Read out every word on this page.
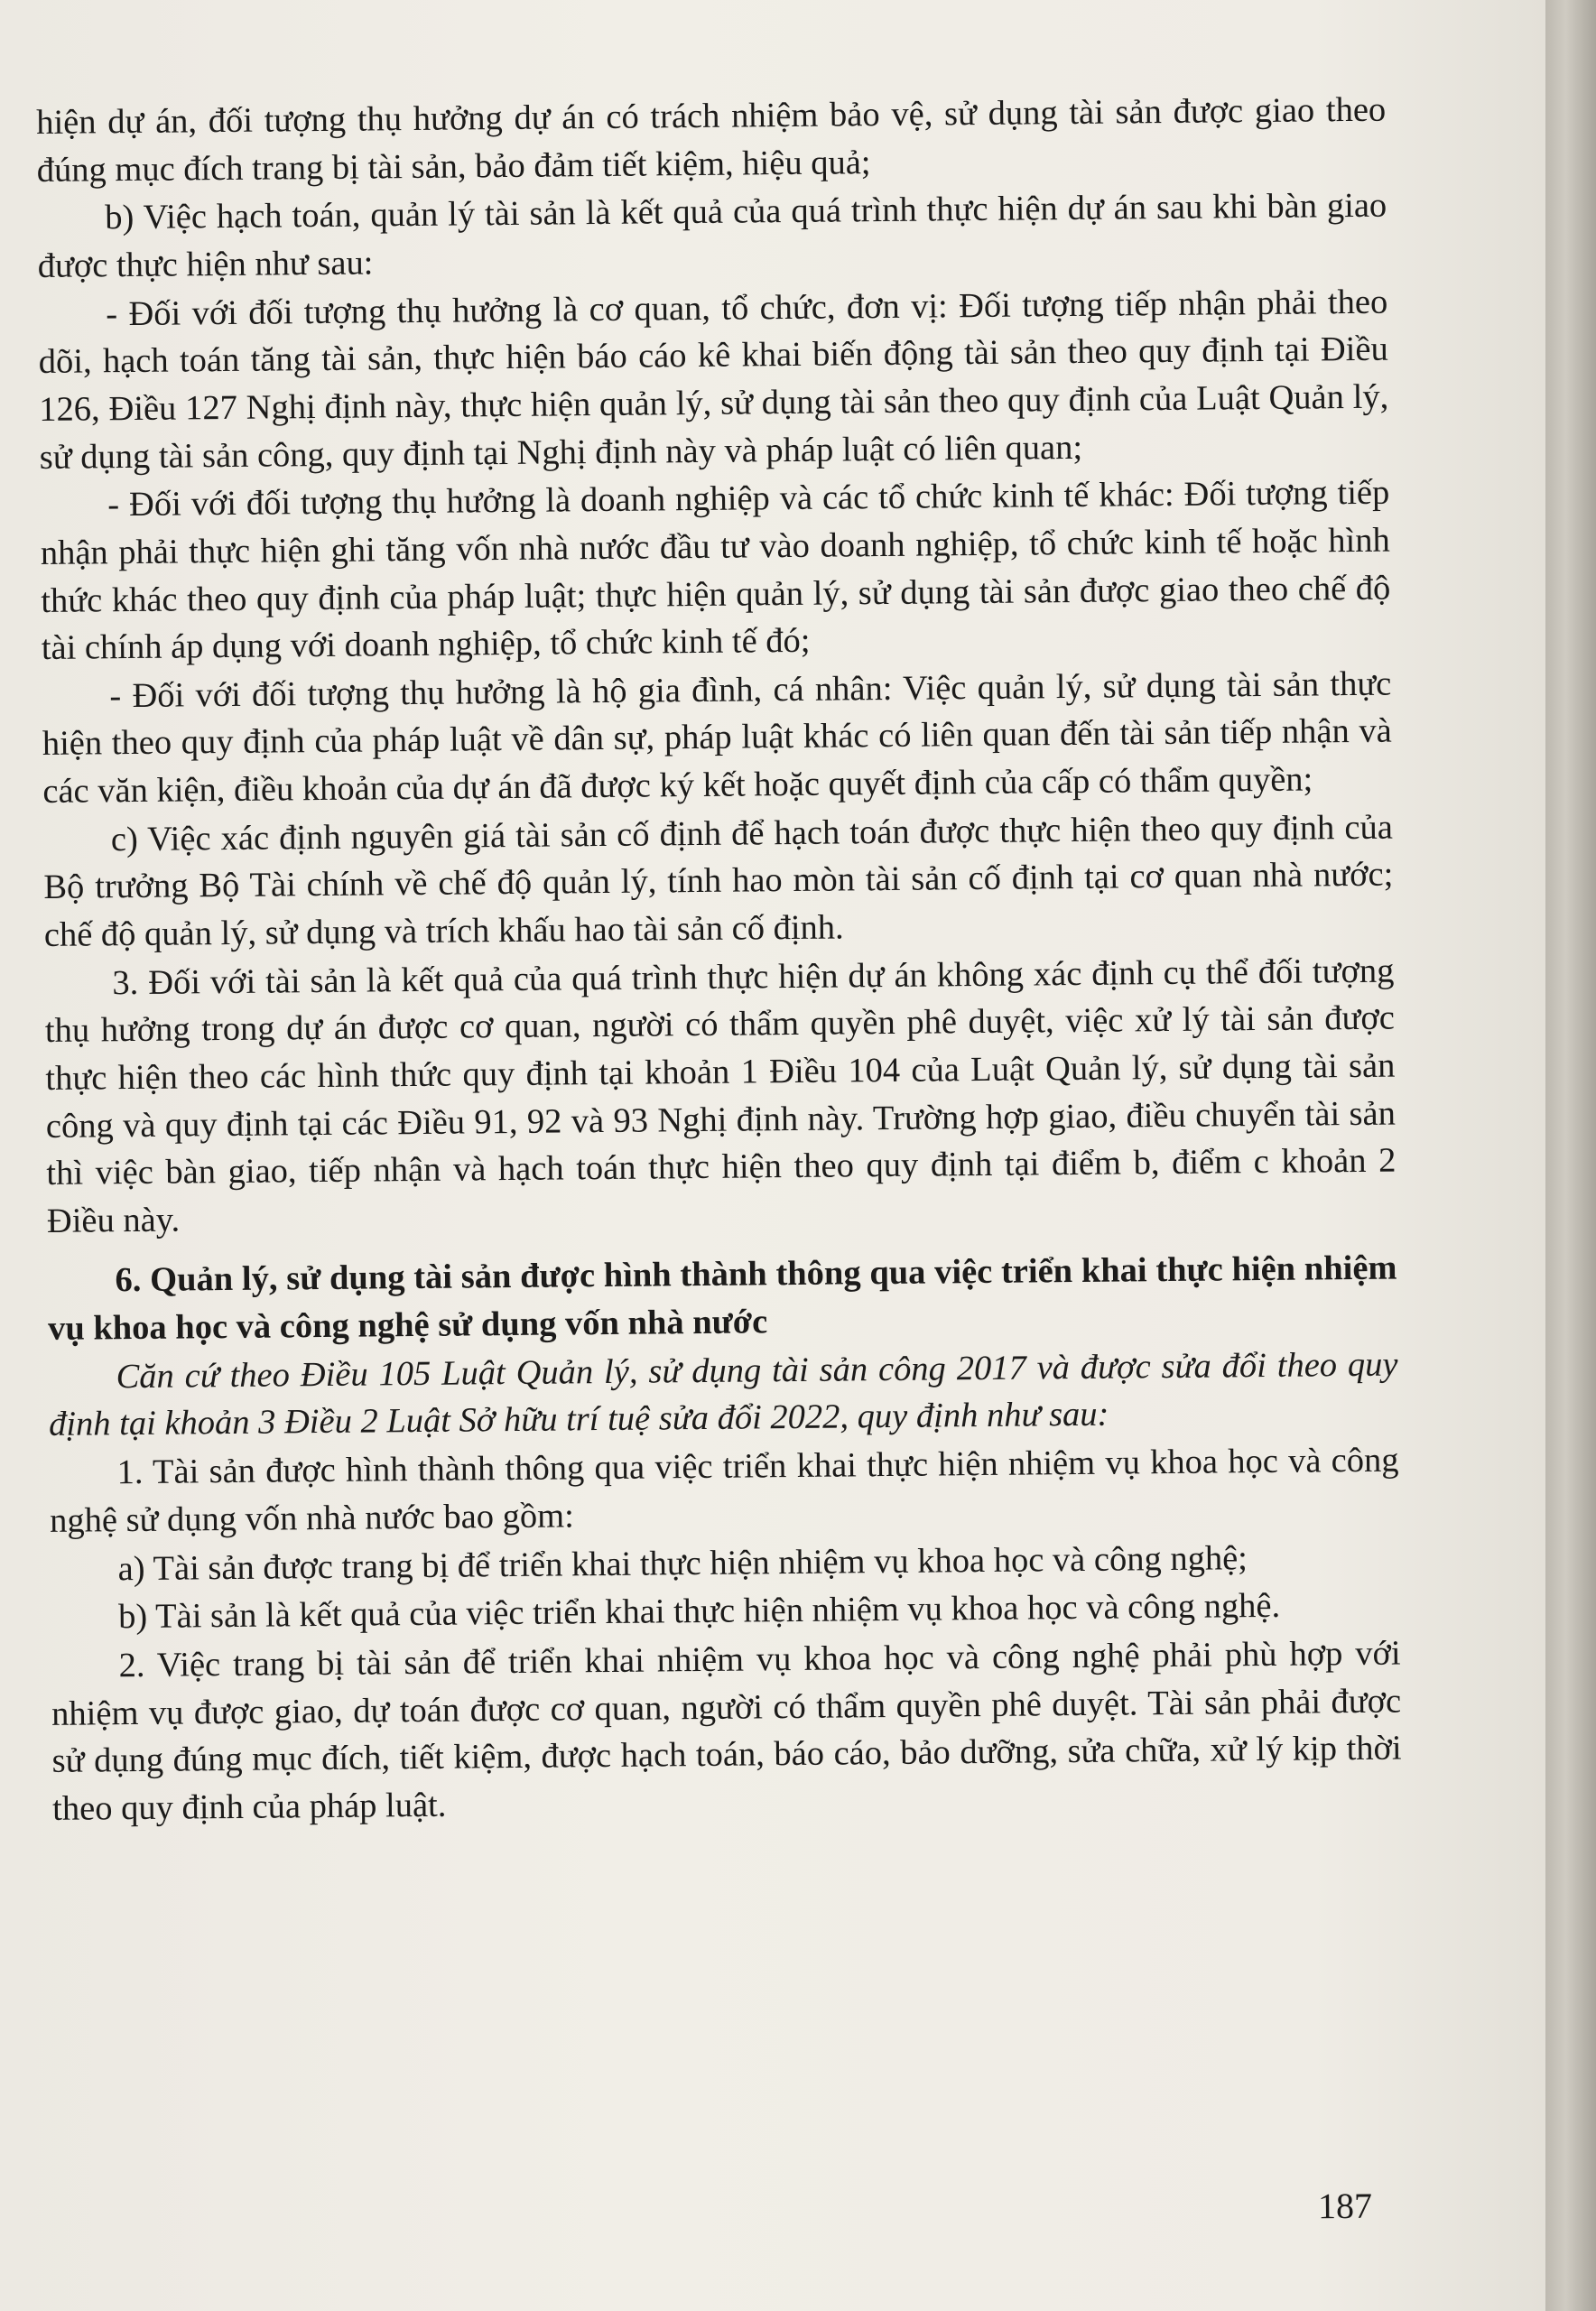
hiện dự án, đối tượng thụ hưởng dự án có trách nhiệm bảo vệ, sử dụng tài sản được giao theo đúng mục đích trang bị tài sản, bảo đảm tiết kiệm, hiệu quả;

b) Việc hạch toán, quản lý tài sản là kết quả của quá trình thực hiện dự án sau khi bàn giao được thực hiện như sau:

- Đối với đối tượng thụ hưởng là cơ quan, tổ chức, đơn vị: Đối tượng tiếp nhận phải theo dõi, hạch toán tăng tài sản, thực hiện báo cáo kê khai biến động tài sản theo quy định tại Điều 126, Điều 127 Nghị định này, thực hiện quản lý, sử dụng tài sản theo quy định của Luật Quản lý, sử dụng tài sản công, quy định tại Nghị định này và pháp luật có liên quan;

- Đối với đối tượng thụ hưởng là doanh nghiệp và các tổ chức kinh tế khác: Đối tượng tiếp nhận phải thực hiện ghi tăng vốn nhà nước đầu tư vào doanh nghiệp, tổ chức kinh tế hoặc hình thức khác theo quy định của pháp luật; thực hiện quản lý, sử dụng tài sản được giao theo chế độ tài chính áp dụng với doanh nghiệp, tổ chức kinh tế đó;

- Đối với đối tượng thụ hưởng là hộ gia đình, cá nhân: Việc quản lý, sử dụng tài sản thực hiện theo quy định của pháp luật về dân sự, pháp luật khác có liên quan đến tài sản tiếp nhận và các văn kiện, điều khoản của dự án đã được ký kết hoặc quyết định của cấp có thẩm quyền;

c) Việc xác định nguyên giá tài sản cố định để hạch toán được thực hiện theo quy định của Bộ trưởng Bộ Tài chính về chế độ quản lý, tính hao mòn tài sản cố định tại cơ quan nhà nước; chế độ quản lý, sử dụng và trích khấu hao tài sản cố định.

3. Đối với tài sản là kết quả của quá trình thực hiện dự án không xác định cụ thể đối tượng thụ hưởng trong dự án được cơ quan, người có thẩm quyền phê duyệt, việc xử lý tài sản được thực hiện theo các hình thức quy định tại khoản 1 Điều 104 của Luật Quản lý, sử dụng tài sản công và quy định tại các Điều 91, 92 và 93 Nghị định này. Trường hợp giao, điều chuyển tài sản thì việc bàn giao, tiếp nhận và hạch toán thực hiện theo quy định tại điểm b, điểm c khoản 2 Điều này.

6. Quản lý, sử dụng tài sản được hình thành thông qua việc triển khai thực hiện nhiệm vụ khoa học và công nghệ sử dụng vốn nhà nước

Căn cứ theo Điều 105 Luật Quản lý, sử dụng tài sản công 2017 và được sửa đổi theo quy định tại khoản 3 Điều 2 Luật Sở hữu trí tuệ sửa đổi 2022, quy định như sau:

1. Tài sản được hình thành thông qua việc triển khai thực hiện nhiệm vụ khoa học và công nghệ sử dụng vốn nhà nước bao gồm:

a) Tài sản được trang bị để triển khai thực hiện nhiệm vụ khoa học và công nghệ;

b) Tài sản là kết quả của việc triển khai thực hiện nhiệm vụ khoa học và công nghệ.

2. Việc trang bị tài sản để triển khai nhiệm vụ khoa học và công nghệ phải phù hợp với nhiệm vụ được giao, dự toán được cơ quan, người có thẩm quyền phê duyệt. Tài sản phải được sử dụng đúng mục đích, tiết kiệm, được hạch toán, báo cáo, bảo dưỡng, sửa chữa, xử lý kịp thời theo quy định của pháp luật.

187
